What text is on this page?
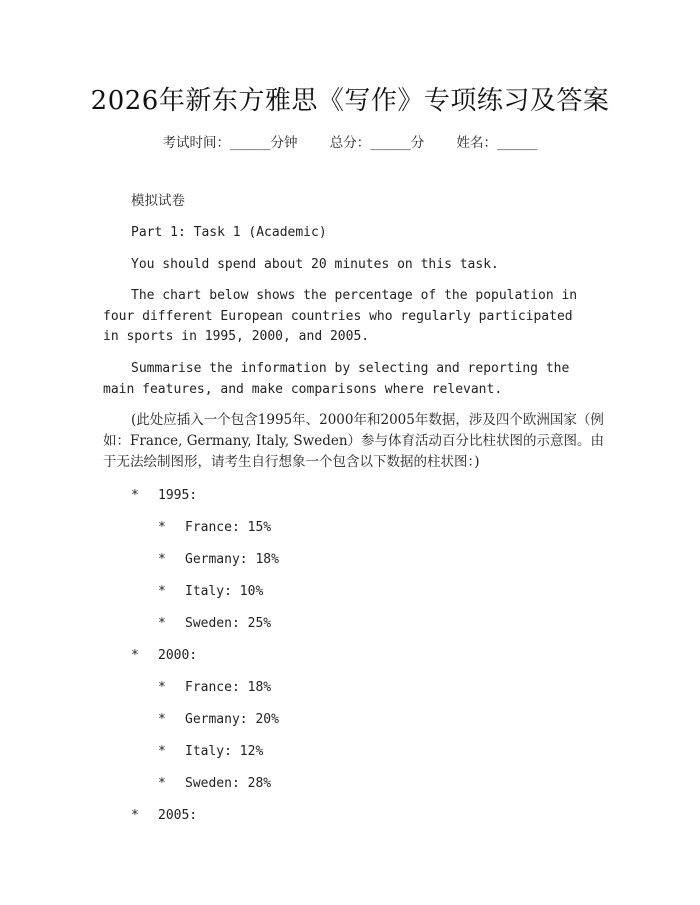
2026年新东方雅思《写作》专项练习及答案
考试时间：______分钟 总分：______分 姓名：______
模拟试卷
Part 1: Task 1 (Academic)
You should spend about 20 minutes on this task.
The chart below shows the percentage of the population in four different European countries who regularly participated in sports in 1995, 2000, and 2005.
Summarise the information by selecting and reporting the main features, and make comparisons where relevant.
(此处应插入一个包含1995年、2000年和2005年数据，涉及四个欧洲国家（例如：France, Germany, Italy, Sweden）参与体育活动百分比柱状图的示意图。由于无法绘制图形，请考生自行想象一个包含以下数据的柱状图：)
* 1995:
* France: 15%
* Germany: 18%
* Italy: 10%
* Sweden: 25%
* 2000:
* France: 18%
* Germany: 20%
* Italy: 12%
* Sweden: 28%
* 2005:
